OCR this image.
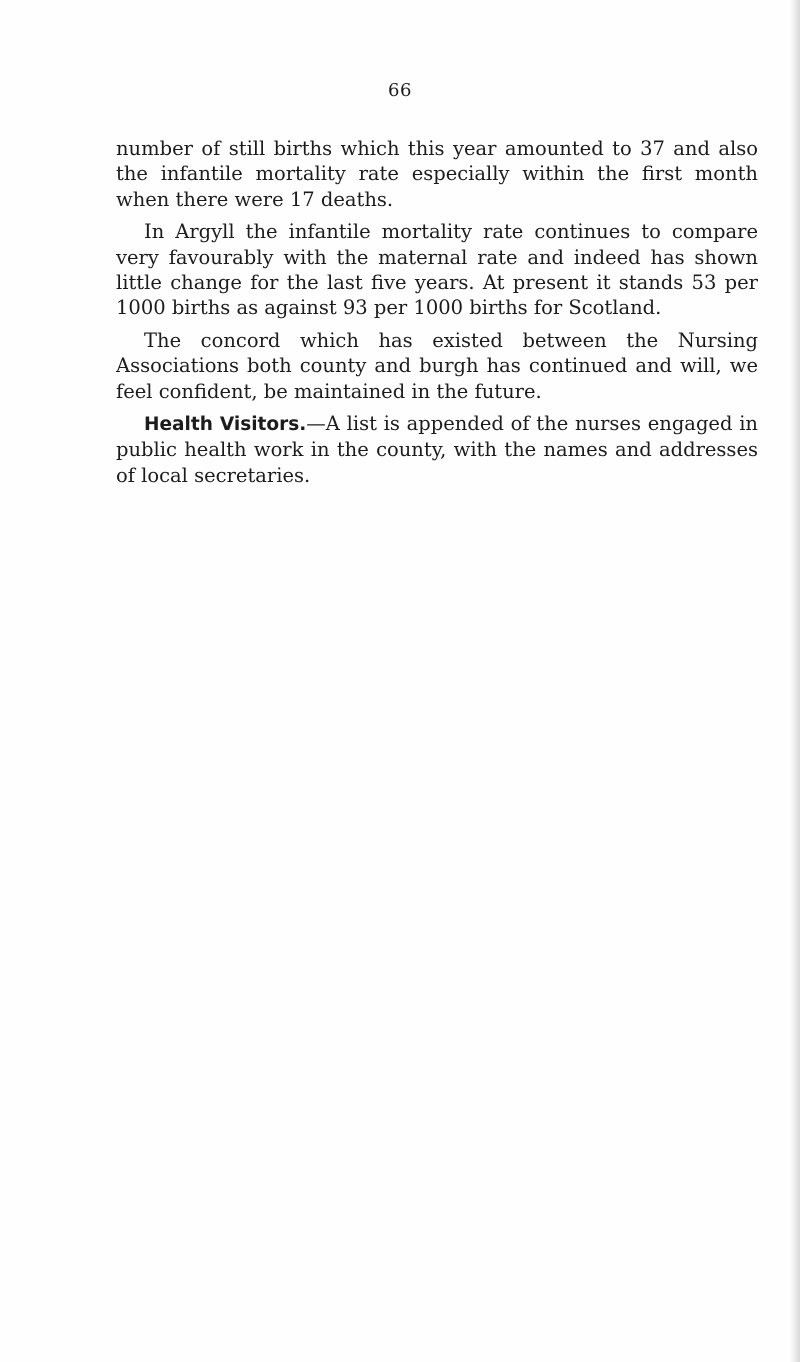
66

number of still births which this year amounted to 37 and also the infantile mortality rate especially within the first month when there were 17 deaths.

In Argyll the infantile mortality rate continues to compare very favourably with the maternal rate and indeed has shown little change for the last five years. At present it stands 53 per 1000 births as against 93 per 1000 births for Scotland.

The concord which has existed between the Nursing Associations both county and burgh has continued and will, we feel confident, be maintained in the future.

Health Visitors.—A list is appended of the nurses engaged in public health work in the county, with the names and addresses of local secretaries.
